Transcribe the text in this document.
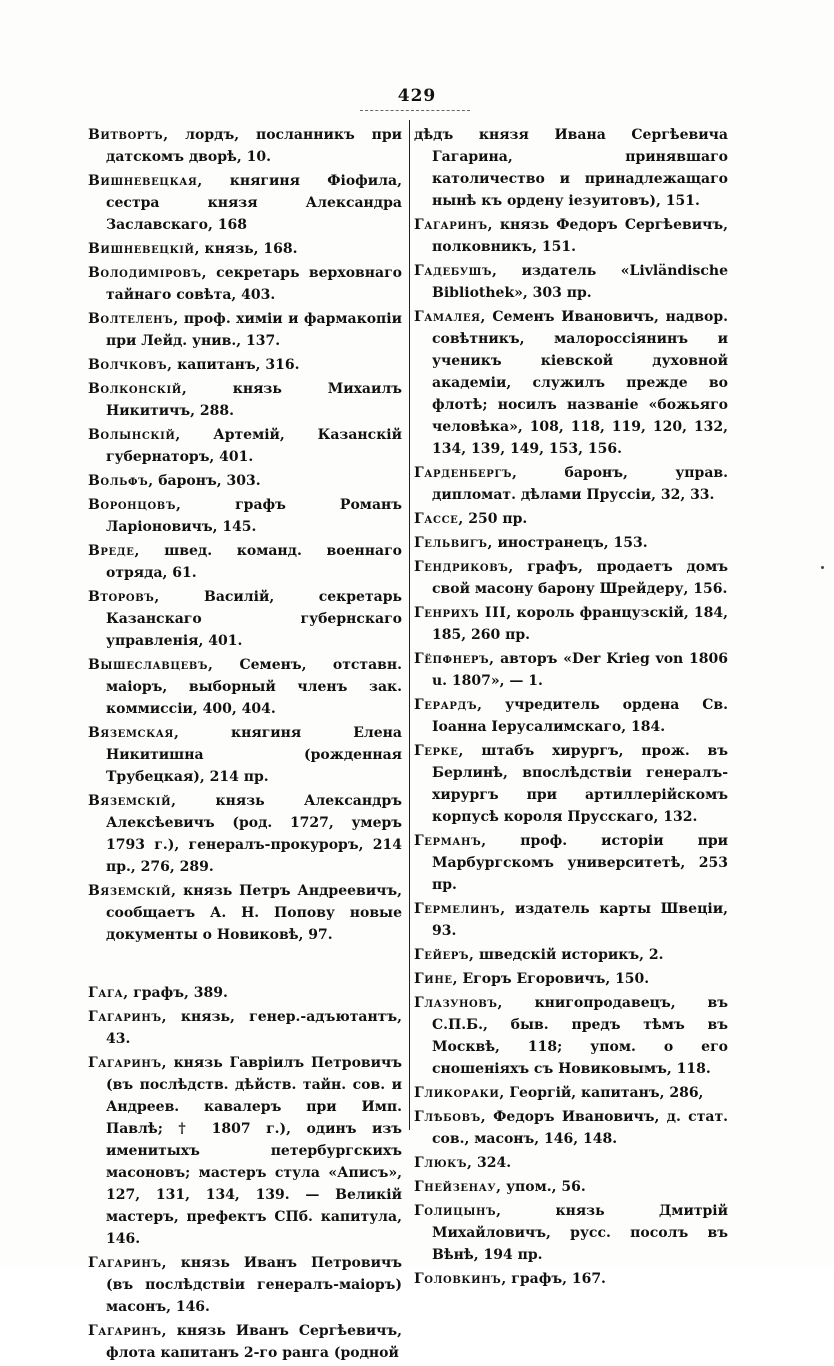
429

Витвортъ, лордъ, посланникъ при датскомъ дворѣ, 10.

Вишневецкая, княгиня Фіофила, сестра князя Александра Заславскаго, 168

Вишневецкій, князь, 168.

Володиміровъ, секретарь верховнаго тайнаго совѣта, 403.

Волтеленъ, проф. химіи и фармакопіи при Лейд. унив., 137.

Волчковъ, капитанъ, 316.

Волконскій,	князь Михаилъ Никитичъ, 288.

Волынскій, Артемій, Казанскій губернаторъ, 401.

Вольфъ, баронъ, 303.

Воронцовъ,	графъ Романъ Ларіоновичъ, 145.

Вреде, швед. команд. военнаго отряда, 61.

Второвъ,	Василій, секретарь Казанскаго губернскаго управленія, 401.

Вышеславцевъ, Семенъ, отставн. маіоръ, выборный членъ зак. коммиссіи, 400, 404.

Вяземская,	княгиня Елена Никитишна (рожденная Трубецкая), 214 пр.

Вяземскій,	князь Александръ Алексѣевичъ (род. 1727, умеръ 1793 г.), генералъ-прокуроръ, 214 пр., 276, 289.

Вяземскій, князь Петръ Андреевичъ, сообщаетъ А. Н. Попову новые документы о Новиковѣ, 97.

Гага, графъ, 389.

Гагаринъ, князь, генер.-адъютантъ, 43.

Гагаринъ, князь Гавріилъ Петровичъ (въ послѣдств. дѣйств. тайн. сов. и Андреев. кавалеръ при Имп. Павлѣ; † 1807 г.), одинъ изъ именитыхъ петербургскихъ масоновъ; мастеръ стула «Аписъ», 127, 131, 134, 139. — Великій мастеръ, префектъ СПб. капитула, 146.

Гагаринъ, князь Иванъ Петровичъ (въ послѣдствіи генералъ-маіоръ) масонъ, 146.

Гагаринъ, князь Иванъ Сергѣевичъ, флота капитанъ 2-го ранга (родной

дѣдъ князя Ивана Сергѣевича Гагарина, принявшаго католичество и принадлежащаго нынѣ къ ордену іезуитовъ), 151.

Гагаринъ, князь Федоръ Сергѣевичъ, полковникъ, 151.

Гадебушъ, издатель «Livländische Bibliothek», 303 пр.

Гамалея, Семенъ Ивановичъ, надвор. совѣтникъ, малороссіянинъ и ученикъ кіевской духовной академіи, служилъ прежде во флотѣ; носилъ названіе «божьяго человѣка», 108, 118, 119, 120, 132, 134, 139, 149, 153, 156.

Гарденбергъ,	баронъ, управ. дипломат. дѣлами Пруссіи, 32, 33.

Гассе, 250 пр.

Гельвигъ, иностранецъ, 153.

Гендриковъ, графъ, продаетъ домъ свой масону барону Шрейдеру, 156.

Генрихъ III, король французскій, 184, 185, 260 пр.

Гёпфнеръ, авторъ «Der Krieg von 1806 u. 1807», — 1.

Герардъ, учредитель ордена Св. Іоанна Іерусалимскаго, 184.

Герке, штабъ хирургъ, прож. въ Берлинѣ, впослѣдствіи генералъ-хирургъ при артиллерійскомъ корпусѣ короля Прусскаго, 132.

Германъ, проф. исторіи при Марбургскомъ университетѣ, 253 пр.

Гермелинъ, издатель карты Швеціи, 93.

Гейеръ, шведскій историкъ, 2.

Гине, Егоръ Егоровичъ, 150.

Глазуновъ, книгопродавецъ, въ С.П.Б., быв. предъ тѣмъ въ Москвѣ, 118; упом. о его сношеніяхъ съ Новиковымъ, 118.

Гликораки, Георгій, капитанъ, 286,

Глѣбовъ, Федоръ Ивановичъ, д. стат. сов., масонъ, 146, 148.

Глюкъ, 324.

Гнейзенау, упом., 56.

Голицынъ,	князь Дмитрій Михайловичъ, русс. посолъ въ Вѣнѣ, 194 пр.

Головкинъ, графъ, 167.
